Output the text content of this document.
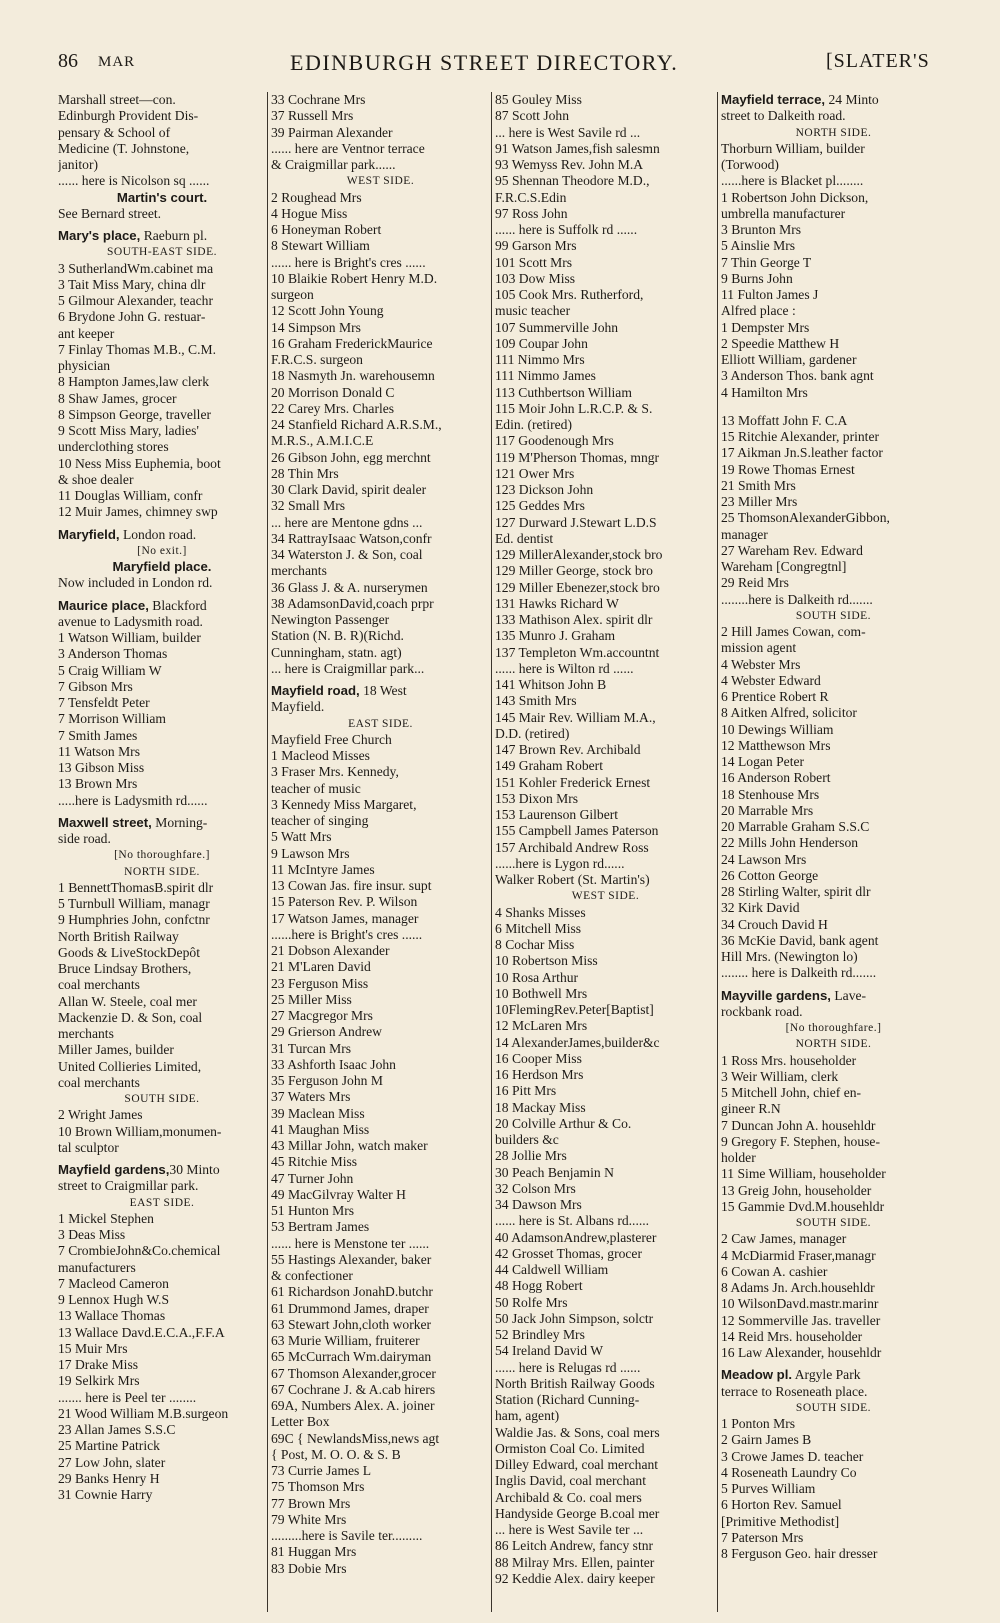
86 MAR	EDINBURGH STREET DIRECTORY.	[SLATER'S
Marshall street—con.
Edinburgh Provident Dis-
pensary & School of
Medicine (T. Johnstone,
janitor)
...... here is Nicolson sq ......
Martin's court.
See Bernard street.
Mary's place, Raeburn pl.
SOUTH-EAST SIDE.
3 SutherlandWm.cabinet ma
3 Tait Miss Mary, china dlr
5 Gilmour Alexander, teachr
6 Brydone John G. restuar-
ant keeper
7 Finlay Thomas M.B., C.M.
physician
8 Hampton James,law clerk
8 Shaw James, grocer
8 Simpson George, traveller
9 Scott Miss Mary, ladies'
underclothing stores
10 Ness Miss Euphemia, boot
& shoe dealer
11 Douglas William, confr
12 Muir James, chimney swp
Maryfield, London road.
[No exit.]
Maryfield place.
Now included in London rd.
Maurice place, Blackford
avenue to Ladysmith road.
1 Watson William, builder
3 Anderson Thomas
5 Craig William W
7 Gibson Mrs
7 Tensfeldt Peter
7 Morrison William
7 Smith James
11 Watson Mrs
13 Gibson Miss
13 Brown Mrs
.....here is Ladysmith rd......
Maxwell street, Morning-
side road.
[No thoroughfare.]
NORTH SIDE.
1 BennettThomasB.spirit dlr
5 Turnbull William, managr
9 Humphries John, confctnr
North British Railway
Goods & LiveStockDepôt
Bruce Lindsay Brothers,
coal merchants
Allan W. Steele, coal mer
Mackenzie D. & Son, coal
merchants
Miller James, builder
United Collieries Limited,
coal merchants
SOUTH SIDE.
2 Wright James
10 Brown William,monumen-
tal sculptor
Mayfield gardens,30 Minto
street to Craigmillar park.
EAST SIDE.
1 Mickel Stephen
3 Deas Miss
7 CrombieJohn&Co.chemical
manufacturers
7 Macleod Cameron
9 Lennox Hugh W.S
13 Wallace Thomas
13 Wallace Davd.E.C.A.,F.F.A
15 Muir Mrs
17 Drake Miss
19 Selkirk Mrs
....... here is Peel ter ........
21 Wood William M.B.surgeon
23 Allan James S.S.C
25 Martine Patrick
27 Low John, slater
29 Banks Henry H
31 Cownie Harry
33 Cochrane Mrs
37 Russell Mrs
39 Pairman Alexander
...... here are Ventnor terrace
& Craigmillar park......
WEST SIDE.
2 Roughead Mrs
4 Hogue Miss
6 Honeyman Robert
8 Stewart William
...... here is Bright's cres ......
10 Blaikie Robert Henry M.D.
surgeon
12 Scott John Young
14 Simpson Mrs
16 Graham FrederickMaurice
F.R.C.S. surgeon
18 Nasmyth Jn. warehousemn
20 Morrison Donald C
22 Carey Mrs. Charles
24 Stanfield Richard A.R.S.M.,
M.R.S., A.M.I.C.E
26 Gibson John, egg merchnt
28 Thin Mrs
30 Clark David, spirit dealer
32 Small Mrs
... here are Mentone gdns ...
34 RattrayIsaac Watson,confr
34 Waterston J. & Son, coal
merchants
36 Glass J. & A. nurserymen
38 AdamsonDavid,coach prpr
Newington Passenger
Station (N. B. R)(Richd.
Cunningham, statn. agt)
... here is Craigmillar park...
Mayfield road, 18 West
Mayfield.
EAST SIDE.
Mayfield Free Church
1 Macleod Misses
3 Fraser Mrs. Kennedy,
teacher of music
3 Kennedy Miss Margaret,
teacher of singing
5 Watt Mrs
9 Lawson Mrs
11 McIntyre James
13 Cowan Jas. fire insur. supt
15 Paterson Rev. P. Wilson
17 Watson James, manager
......here is Bright's cres ......
21 Dobson Alexander
21 M'Laren David
23 Ferguson Miss
25 Miller Miss
27 Macgregor Mrs
29 Grierson Andrew
31 Turcan Mrs
33 Ashforth Isaac John
35 Ferguson John M
37 Waters Mrs
39 Maclean Miss
41 Maughan Miss
43 Millar John, watch maker
45 Ritchie Miss
47 Turner John
49 MacGilvray Walter H
51 Hunton Mrs
53 Bertram James
...... here is Menstone ter ......
55 Hastings Alexander, baker
& confectioner
61 Richardson JonahD.butchr
61 Drummond James, draper
63 Stewart John,cloth worker
63 Murie William, fruiterer
65 McCurrach Wm.dairyman
67 Thomson Alexander,grocer
67 Cochrane J. & A.cab hirers
69A, Numbers Alex. A. joiner
Letter Box
69C { NewlandsMiss,news agt
{ Post, M. O. O. & S. B
73 Currie James L
75 Thomson Mrs
77 Brown Mrs
79 White Mrs
.........here is Savile ter.........
81 Huggan Mrs
83 Dobie Mrs
85 Gouley Miss
87 Scott John
... here is West Savile rd ...
91 Watson James,fish salesmn
93 Wemyss Rev. John M.A
95 Shennan Theodore M.D.,
F.R.C.S.Edin
97 Ross John
...... here is Suffolk rd ......
99 Garson Mrs
101 Scott Mrs
103 Dow Miss
105 Cook Mrs. Rutherford,
music teacher
107 Summerville John
109 Coupar John
111 Nimmo Mrs
111 Nimmo James
113 Cuthbertson William
115 Moir John L.R.C.P. & S.
Edin. (retired)
117 Goodenough Mrs
119 M'Pherson Thomas, mngr
121 Ower Mrs
123 Dickson John
125 Geddes Mrs
127 Durward J.Stewart L.D.S
Ed. dentist
129 MillerAlexander,stock bro
129 Miller George, stock bro
129 Miller Ebenezer,stock bro
131 Hawks Richard W
133 Mathison Alex. spirit dlr
135 Munro J. Graham
137 Templeton Wm.accountnt
...... here is Wilton rd ......
141 Whitson John B
143 Smith Mrs
145 Mair Rev. William M.A.,
D.D. (retired)
147 Brown Rev. Archibald
149 Graham Robert
151 Kohler Frederick Ernest
153 Dixon Mrs
153 Laurenson Gilbert
155 Campbell James Paterson
157 Archibald Andrew Ross
......here is Lygon rd......
Walker Robert (St. Martin's)
WEST SIDE.
4 Shanks Misses
6 Mitchell Miss
8 Cochar Miss
10 Robertson Miss
10 Rosa Arthur
10 Bothwell Mrs
10FlemingRev.Peter[Baptist]
12 McLaren Mrs
14 AlexanderJames,builder&c
16 Cooper Miss
16 Herdson Mrs
16 Pitt Mrs
18 Mackay Miss
20 Colville Arthur & Co.
builders &c
28 Jollie Mrs
30 Peach Benjamin N
32 Colson Mrs
34 Dawson Mrs
...... here is St. Albans rd......
40 AdamsonAndrew,plasterer
42 Grosset Thomas, grocer
44 Caldwell William
48 Hogg Robert
50 Rolfe Mrs
50 Jack John Simpson, solctr
52 Brindley Mrs
54 Ireland David W
...... here is Relugas rd ......
North British Railway Goods
Station (Richard Cunning-
ham, agent)
Waldie Jas. & Sons, coal mers
Ormiston Coal Co. Limited
Dilley Edward, coal merchant
Inglis David, coal merchant
Archibald & Co. coal mers
Handyside George B.coal mer
... here is West Savile ter ...
86 Leitch Andrew, fancy stnr
88 Milray Mrs. Ellen, painter
92 Keddie Alex. dairy keeper
Mayfield terrace, 24 Minto
street to Dalkeith road.
NORTH SIDE.
Thorburn William, builder
(Torwood)
......here is Blacket pl........
1 Robertson John Dickson,
umbrella manufacturer
3 Brunton Mrs
5 Ainslie Mrs
7 Thin George T
9 Burns John
11 Fulton James J
Alfred place :
1 Dempster Mrs
2 Speedie Matthew H
Elliott William, gardener
3 Anderson Thos. bank agnt
4 Hamilton Mrs
13 Moffatt John F. C.A
15 Ritchie Alexander, printer
17 Aikman Jn.S.leather factor
19 Rowe Thomas Ernest
21 Smith Mrs
23 Miller Mrs
25 ThomsonAlexanderGibbon,
manager
27 Wareham Rev. Edward
Wareham [Congregtnl]
29 Reid Mrs
........here is Dalkeith rd.......
SOUTH SIDE.
2 Hill James Cowan, com-
mission agent
4 Webster Mrs
4 Webster Edward
6 Prentice Robert R
8 Aitken Alfred, solicitor
10 Dewings William
12 Matthewson Mrs
14 Logan Peter
16 Anderson Robert
18 Stenhouse Mrs
20 Marrable Mrs
20 Marrable Graham S.S.C
22 Mills John Henderson
24 Lawson Mrs
26 Cotton George
28 Stirling Walter, spirit dlr
32 Kirk David
34 Crouch David H
36 McKie David, bank agent
Hill Mrs. (Newington lo)
........ here is Dalkeith rd.......
Mayville gardens, Lave-
rockbank road.
[No thoroughfare.]
NORTH SIDE.
1 Ross Mrs. householder
3 Weir William, clerk
5 Mitchell John, chief en-
gineer R.N
7 Duncan John A. househldr
9 Gregory F. Stephen, house-
holder
11 Sime William, householder
13 Greig John, householder
15 Gammie Dvd.M.househldr
SOUTH SIDE.
2 Caw James, manager
4 McDiarmid Fraser,managr
6 Cowan A. cashier
8 Adams Jn. Arch.househldr
10 WilsonDavd.mastr.marinr
12 Sommerville Jas. traveller
14 Reid Mrs. householder
16 Law Alexander, househldr
Meadow pl. Argyle Park
terrace to Roseneath place.
SOUTH SIDE.
1 Ponton Mrs
2 Gairn James B
3 Crowe James D. teacher
4 Roseneath Laundry Co
5 Purves William
6 Horton Rev. Samuel
[Primitive Methodist]
7 Paterson Mrs
8 Ferguson Geo. hair dresser
